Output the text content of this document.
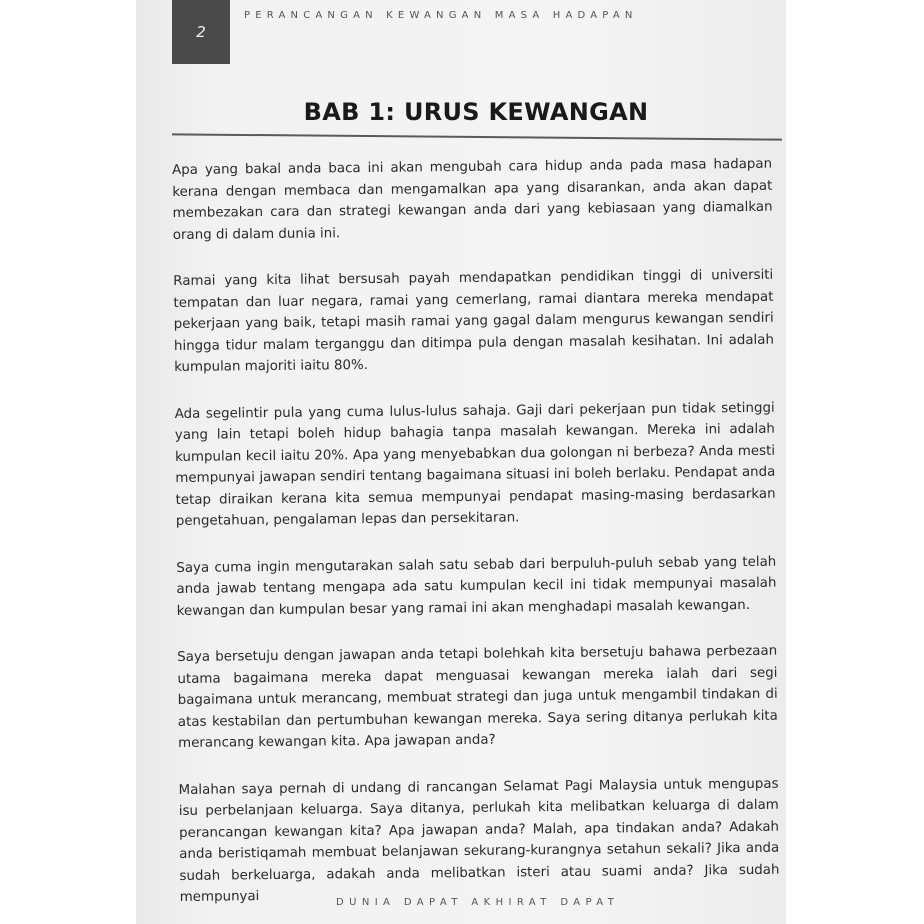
2
PERANCANGAN KEWANGAN MASA HADAPAN
BAB 1: URUS KEWANGAN

Apa yang bakal anda baca ini akan mengubah cara hidup anda pada masa hadapan kerana dengan membaca dan mengamalkan apa yang disarankan, anda akan dapat membezakan cara dan strategi kewangan anda dari yang kebiasaan yang diamalkan orang di dalam dunia ini.

Ramai yang kita lihat bersusah payah mendapatkan pendidikan tinggi di universiti tempatan dan luar negara, ramai yang cemerlang, ramai diantara mereka mendapat pekerjaan yang baik, tetapi masih ramai yang gagal dalam mengurus kewangan sendiri hingga tidur malam terganggu dan ditimpa pula dengan masalah kesihatan. Ini adalah kumpulan majoriti iaitu 80%.

Ada segelintir pula yang cuma lulus-lulus sahaja. Gaji dari pekerjaan pun tidak setinggi yang lain tetapi boleh hidup bahagia tanpa masalah kewangan. Mereka ini adalah kumpulan kecil iaitu 20%. Apa yang menyebabkan dua golongan ni berbeza? Anda mesti mempunyai jawapan sendiri tentang bagaimana situasi ini boleh berlaku. Pendapat anda tetap diraikan kerana kita semua mempunyai pendapat masing-masing berdasarkan pengetahuan, pengalaman lepas dan persekitaran.

Saya cuma ingin mengutarakan salah satu sebab dari berpuluh-puluh sebab yang telah anda jawab tentang mengapa ada satu kumpulan kecil ini tidak mempunyai masalah kewangan dan kumpulan besar yang ramai ini akan menghadapi masalah kewangan.

Saya bersetuju dengan jawapan anda tetapi bolehkah kita bersetuju bahawa perbezaan utama bagaimana mereka dapat menguasai kewangan mereka ialah dari segi bagaimana untuk merancang, membuat strategi dan juga untuk mengambil tindakan di atas kestabilan dan pertumbuhan kewangan mereka. Saya sering ditanya perlukah kita merancang kewangan kita. Apa jawapan anda?

Malahan saya pernah di undang di rancangan Selamat Pagi Malaysia untuk mengupas isu perbelanjaan keluarga. Saya ditanya, perlukah kita melibatkan keluarga di dalam perancangan kewangan kita? Apa jawapan anda? Malah, apa tindakan anda? Adakah anda beristiqamah membuat belanjawan sekurang-kurangnya setahun sekali? Jika anda sudah berkeluarga, adakah anda melibatkan isteri atau suami anda? Jika sudah mempunyai	DUNIA DAPAT AKHIRAT DAPAT
